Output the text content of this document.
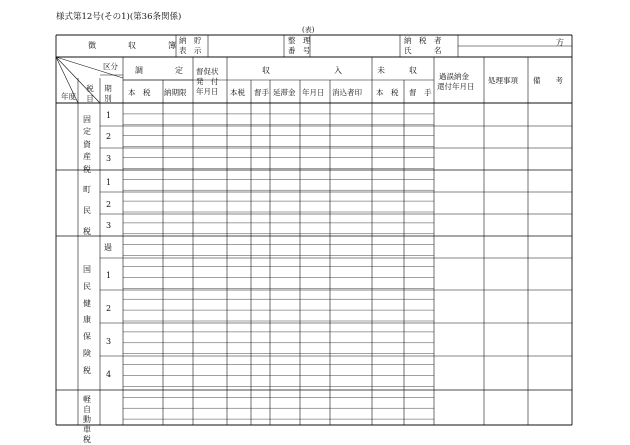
様式第12号(その1)(第36条関係)
(表)
徴　　　　収　　　　簿
納　貯
表　示
整　理
番　号
納　税　者
氏　　　名
方
区分
年度
税
目
期
別
調　　　　定
本　税 納期限
督促状
発　付
年月日
収　　　　　　　　入
本税 督手 延滞金 年月日 消込者印
未　　　収
本　税 督　手
過誤納金
還付年月日
処理事項 備　　考
固
定
資
産
税
町
民
税
国
民
健
康
保
険
税
軽
自
動
車
税
1
2
3
1
2
3
過
1
2
3
4
